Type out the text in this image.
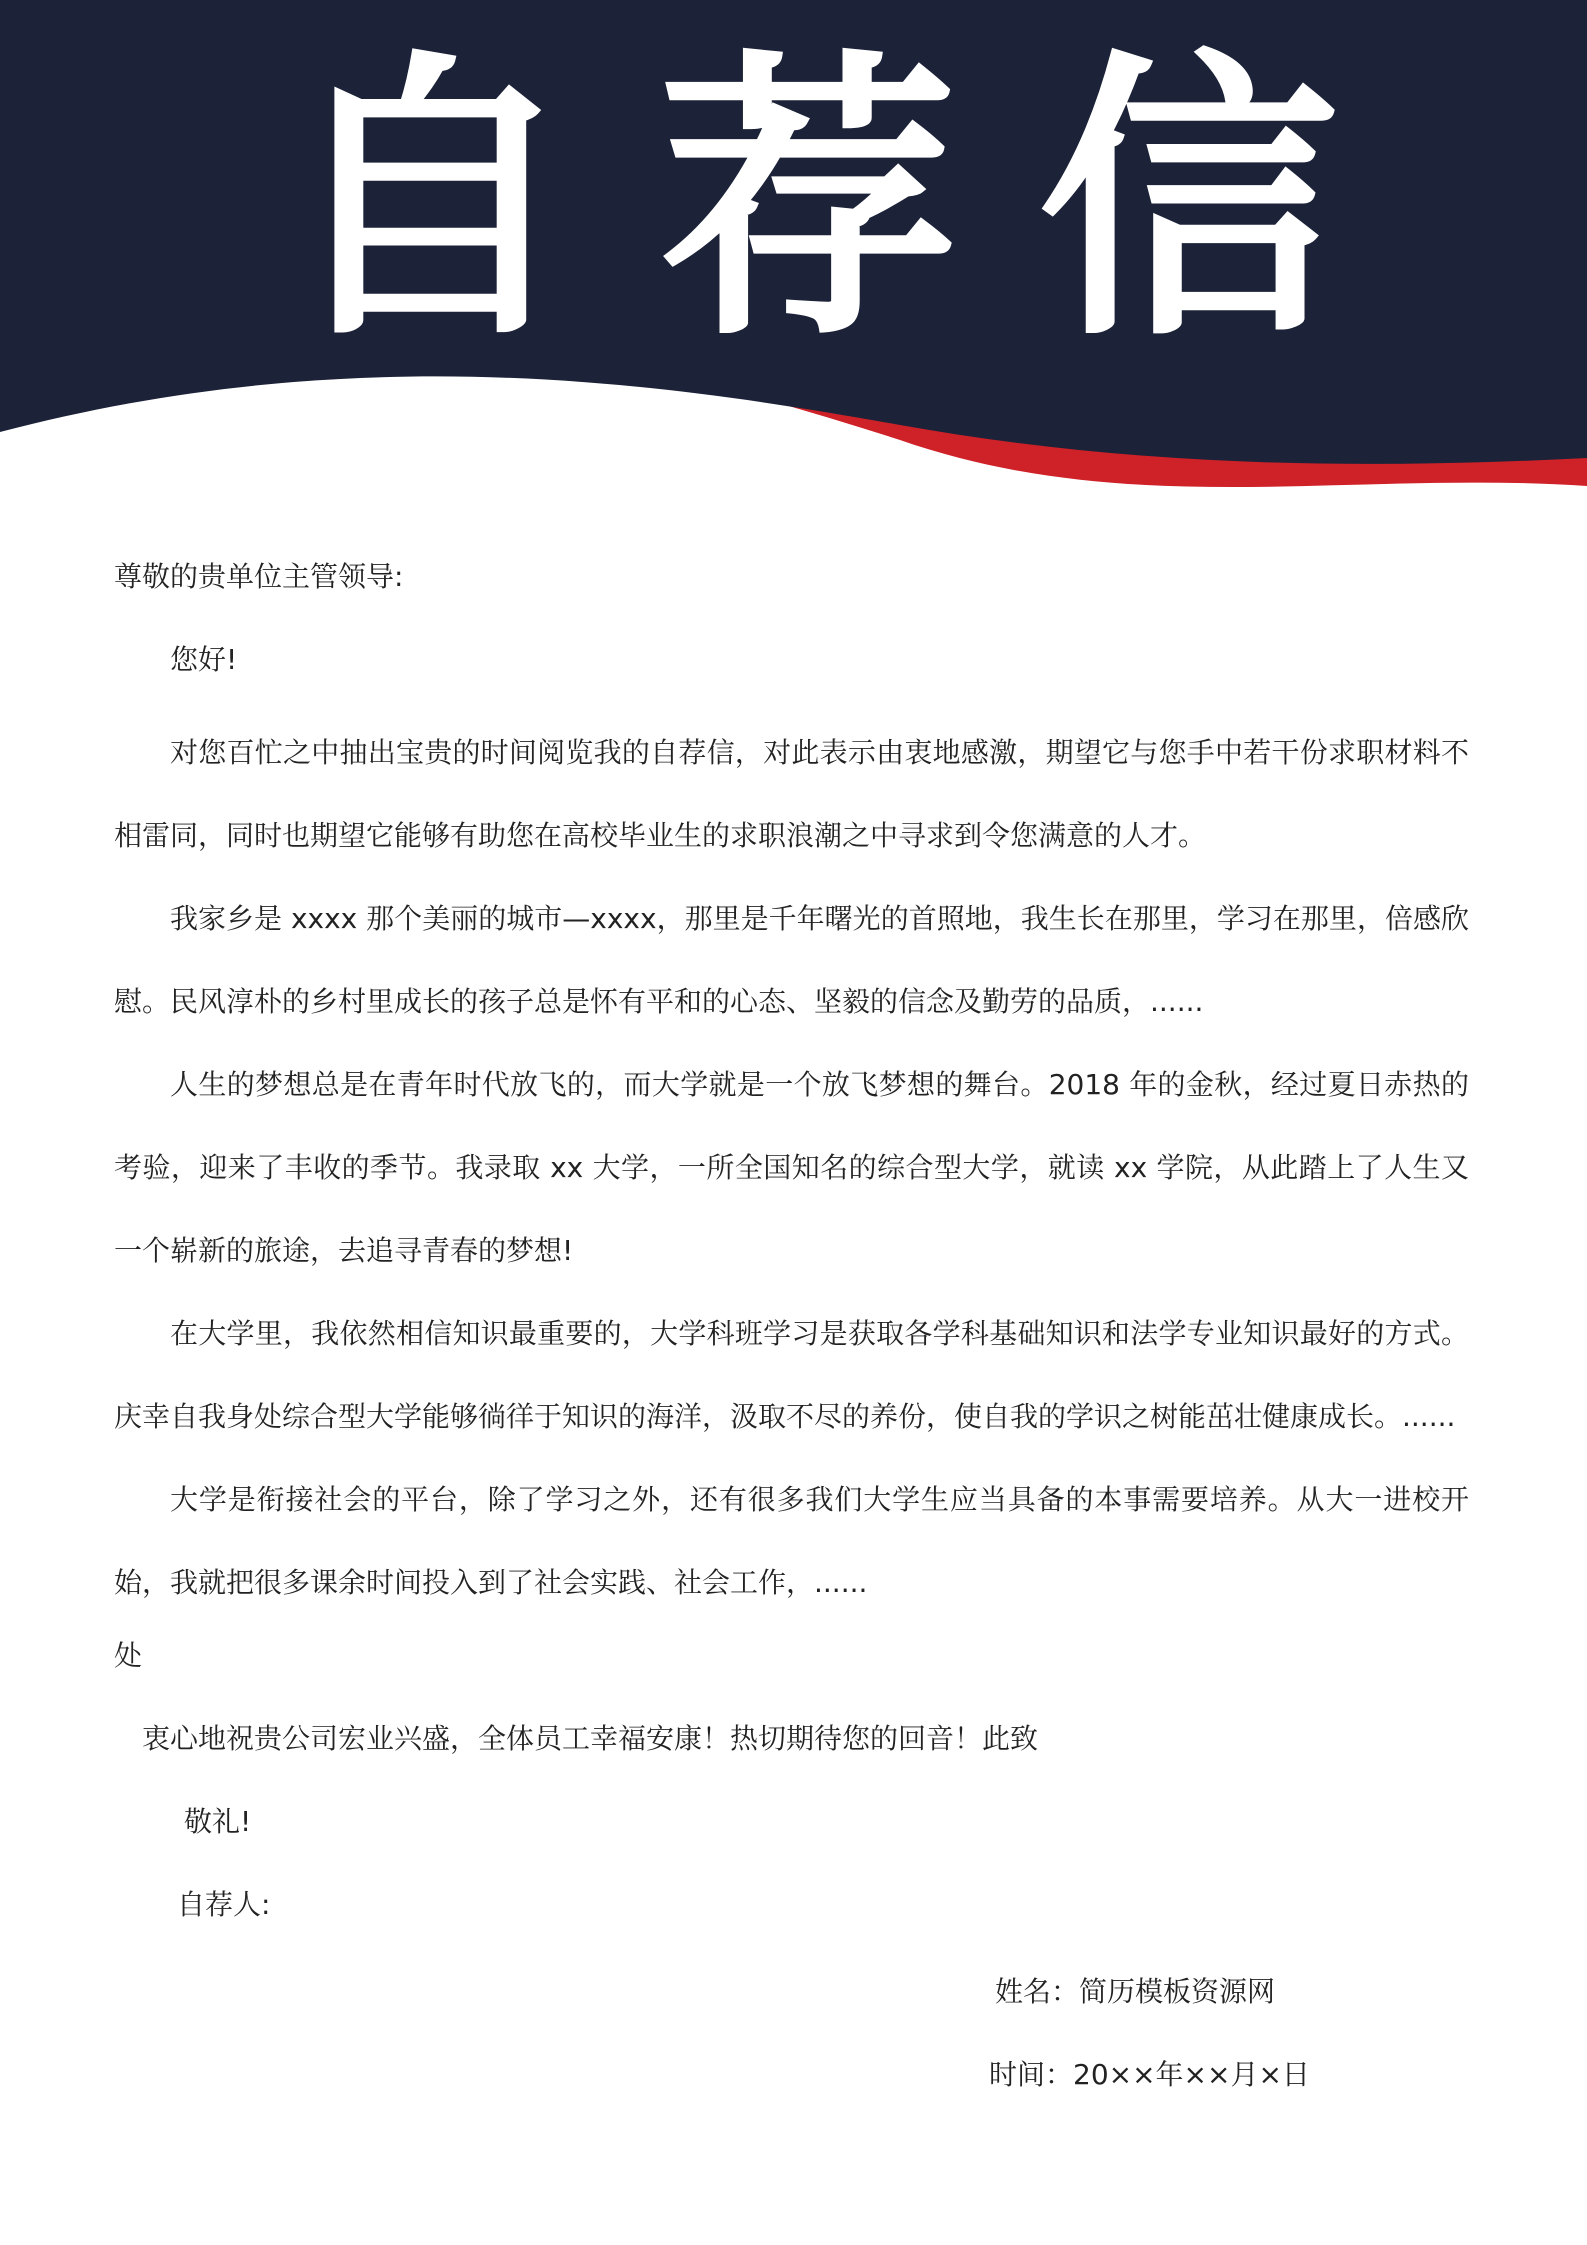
自 荐 信
尊敬的贵单位主管领导:
您好!

对您百忙之中抽出宝贵的时间阅览我的自荐信，对此表示由衷地感激，期望它与您手中若干份求职材料不相雷同，同时也期望它能够有助您在高校毕业生的求职浪潮之中寻求到令您满意的人才。

我家乡是 xxxx 那个美丽的城市—xxxx，那里是千年曙光的首照地，我生长在那里，学习在那里，倍感欣慰。民风淳朴的乡村里成长的孩子总是怀有平和的心态、坚毅的信念及勤劳的品质，......

人生的梦想总是在青年时代放飞的，而大学就是一个放飞梦想的舞台。2018 年的金秋，经过夏日赤热的考验，迎来了丰收的季节。我录取 xx 大学，一所全国知名的综合型大学，就读 xx 学院，从此踏上了人生又一个崭新的旅途，去追寻青春的梦想!

在大学里，我依然相信知识最重要的，大学科班学习是获取各学科基础知识和法学专业知识最好的方式。庆幸自我身处综合型大学能够徜徉于知识的海洋，汲取不尽的养份，使自我的学识之树能茁壮健康成长。......

大学是衔接社会的平台，除了学习之外，还有很多我们大学生应当具备的本事需要培养。从大一进校开始，我就把很多课余时间投入到了社会实践、社会工作，......

处
衷心地祝贵公司宏业兴盛，全体员工幸福安康！热切期待您的回音！此致
敬礼!
自荐人:
姓名：简历模板资源网
时间：20××年××月×日
